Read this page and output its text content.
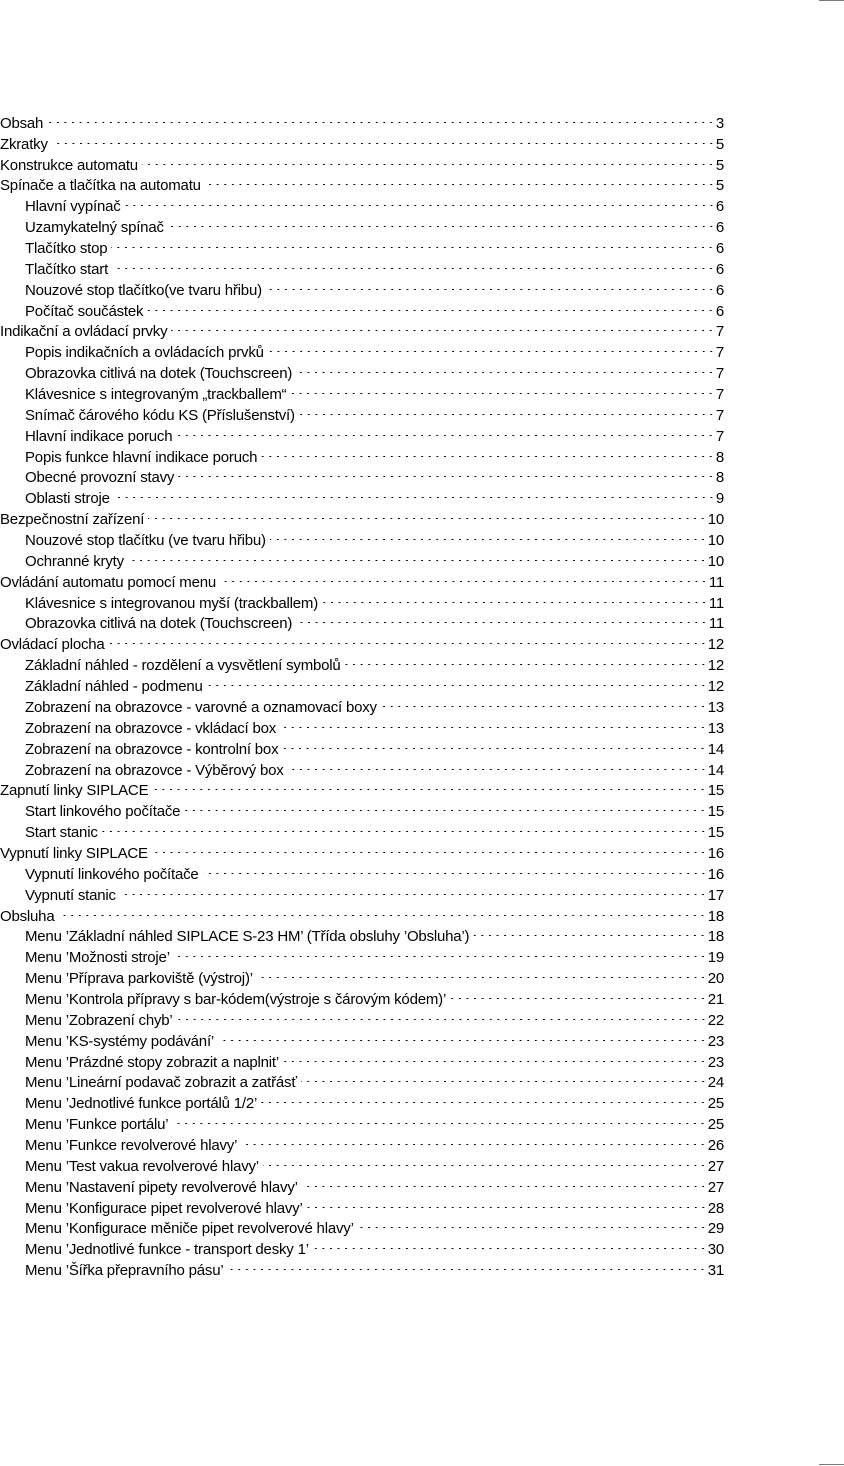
Obsah	3
Zkratky	5
Konstrukce automatu	5
Spínače a tlačítka na automatu	5
Hlavní vypínač	6
Uzamykatelný spínač	6
Tlačítko stop	6
Tlačítko start	6
Nouzové stop tlačítko(ve tvaru hřibu)	6
Počítač součástek	6
Indikační a ovládací prvky	7
Popis indikačních a ovládacích prvků	7
Obrazovka citlivá na dotek (Touchscreen)	7
Klávesnice s integrovaným „trackballem“	7
Snímač čárového kódu KS (Příslušenství)	7
Hlavní indikace poruch	7
Popis funkce hlavní indikace poruch	8
Obecné provozní stavy	8
Oblasti stroje	9
Bezpečnostní zařízení	10
Nouzové stop tlačítku (ve tvaru hřibu)	10
Ochranné kryty	10
Ovládání automatu pomocí menu	11
Klávesnice s integrovanou myší (trackballem)	11
Obrazovka citlivá na dotek (Touchscreen)	11
Ovládací plocha	12
Základní náhled - rozdělení a vysvětlení symbolů	12
Základní náhled - podmenu	12
Zobrazení na obrazovce - varovné a oznamovací boxy	13
Zobrazení na obrazovce - vkládací box	13
Zobrazení na obrazovce - kontrolní box	14
Zobrazení na obrazovce - Výběrový box	14
Zapnutí linky SIPLACE	15
Start linkového počítače	15
Start stanic	15
Vypnutí linky SIPLACE	16
Vypnutí linkového počítače	16
Vypnutí stanic	17
Obsluha	18
Menu ’Základní náhled SIPLACE S-23 HM’ (Třída obsluhy ’Obsluha’)	18
Menu ’Možnosti stroje’	19
Menu ’Příprava parkoviště (výstroj)’	20
Menu ’Kontrola přípravy s bar-kódem(výstroje s čárovým kódem)’	21
Menu ’Zobrazení chyb’	22
Menu ’KS-systémy podávání’	23
Menu ’Prázdné stopy zobrazit a naplnit’	23
Menu ’Lineární podavač zobrazit a zatřásť	24
Menu ’Jednotlivé funkce portálů 1/2’	25
Menu ’Funkce portálu’	25
Menu ’Funkce revolverové hlavy’	26
Menu ’Test vakua revolverové hlavy’	27
Menu ’Nastavení pipety revolverové hlavy’	27
Menu ’Konfigurace pipet revolverové hlavy’	28
Menu ’Konfigurace měniče pipet revolverové hlavy’	29
Menu ’Jednotlivé funkce - transport desky 1’	30
Menu ’Šířka přepravního pásu’	31
